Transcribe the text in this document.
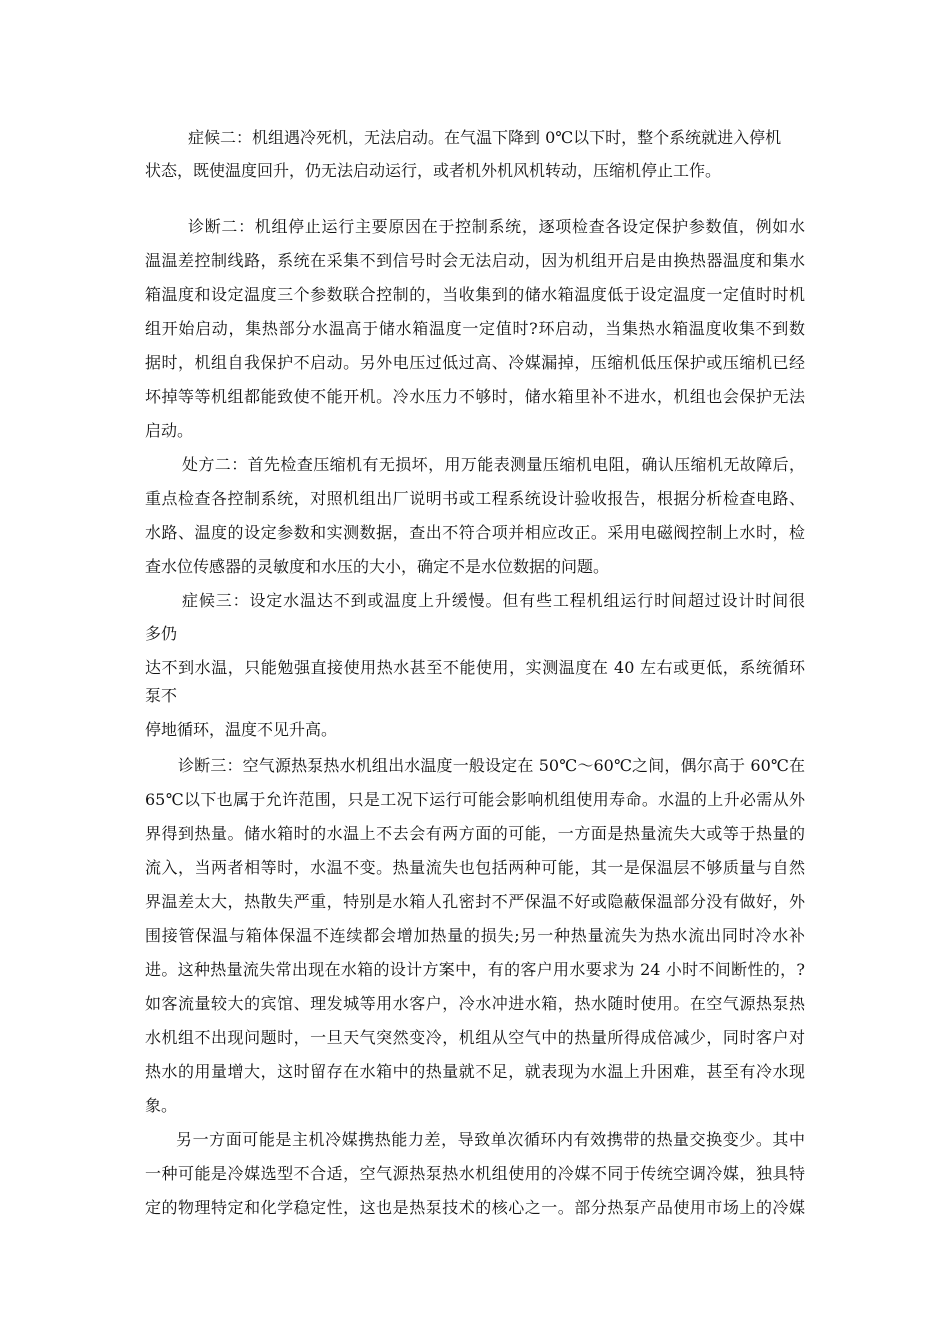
症候二：机组遇冷死机，无法启动。在气温下降到 0℃以下时，整个系统就进入停机
状态，既使温度回升，仍无法启动运行，或者机外机风机转动，压缩机停止工作。
诊断二：机组停止运行主要原因在于控制系统，逐项检查各设定保护参数值，例如水
温温差控制线路，系统在采集不到信号时会无法启动，因为机组开启是由换热器温度和集水
箱温度和设定温度三个参数联合控制的，当收集到的储水箱温度低于设定温度一定值时时机
组开始启动，集热部分水温高于储水箱温度一定值时?环启动，当集热水箱温度收集不到数
据时，机组自我保护不启动。另外电压过低过高、冷媒漏掉，压缩机低压保护或压缩机已经
坏掉等等机组都能致使不能开机。冷水压力不够时，储水箱里补不进水，机组也会保护无法
启动。
处方二：首先检查压缩机有无损坏，用万能表测量压缩机电阻，确认压缩机无故障后，
重点检查各控制系统，对照机组出厂说明书或工程系统设计验收报告，根据分析检查电路、
水路、温度的设定参数和实测数据，查出不符合项并相应改正。采用电磁阀控制上水时，检
查水位传感器的灵敏度和水压的大小，确定不是水位数据的问题。
症候三：设定水温达不到或温度上升缓慢。但有些工程机组运行时间超过设计时间很
多仍
达不到水温，只能勉强直接使用热水甚至不能使用，实测温度在 40 左右或更低，系统循环
泵不
停地循环，温度不见升高。
诊断三：空气源热泵热水机组出水温度一般设定在 50℃～60℃之间，偶尔高于 60℃在
65℃以下也属于允许范围，只是工况下运行可能会影响机组使用寿命。水温的上升必需从外
界得到热量。储水箱时的水温上不去会有两方面的可能，一方面是热量流失大或等于热量的
流入，当两者相等时，水温不变。热量流失也包括两种可能，其一是保温层不够质量与自然
界温差太大，热散失严重，特别是水箱人孔密封不严保温不好或隐蔽保温部分没有做好，外
围接管保温与箱体保温不连续都会增加热量的损失;另一种热量流失为热水流出同时冷水补
进。这种热量流失常出现在水箱的设计方案中，有的客户用水要求为 24 小时不间断性的，?
如客流量较大的宾馆、理发城等用水客户，冷水冲进水箱，热水随时使用。在空气源热泵热
水机组不出现问题时，一旦天气突然变冷，机组从空气中的热量所得成倍减少，同时客户对
热水的用量增大，这时留存在水箱中的热量就不足，就表现为水温上升困难，甚至有冷水现
象。
另一方面可能是主机冷媒携热能力差，导致单次循环内有效携带的热量交换变少。其中
一种可能是冷媒选型不合适，空气源热泵热水机组使用的冷媒不同于传统空调冷媒，独具特
定的物理特定和化学稳定性，这也是热泵技术的核心之一。部分热泵产品使用市场上的冷媒
